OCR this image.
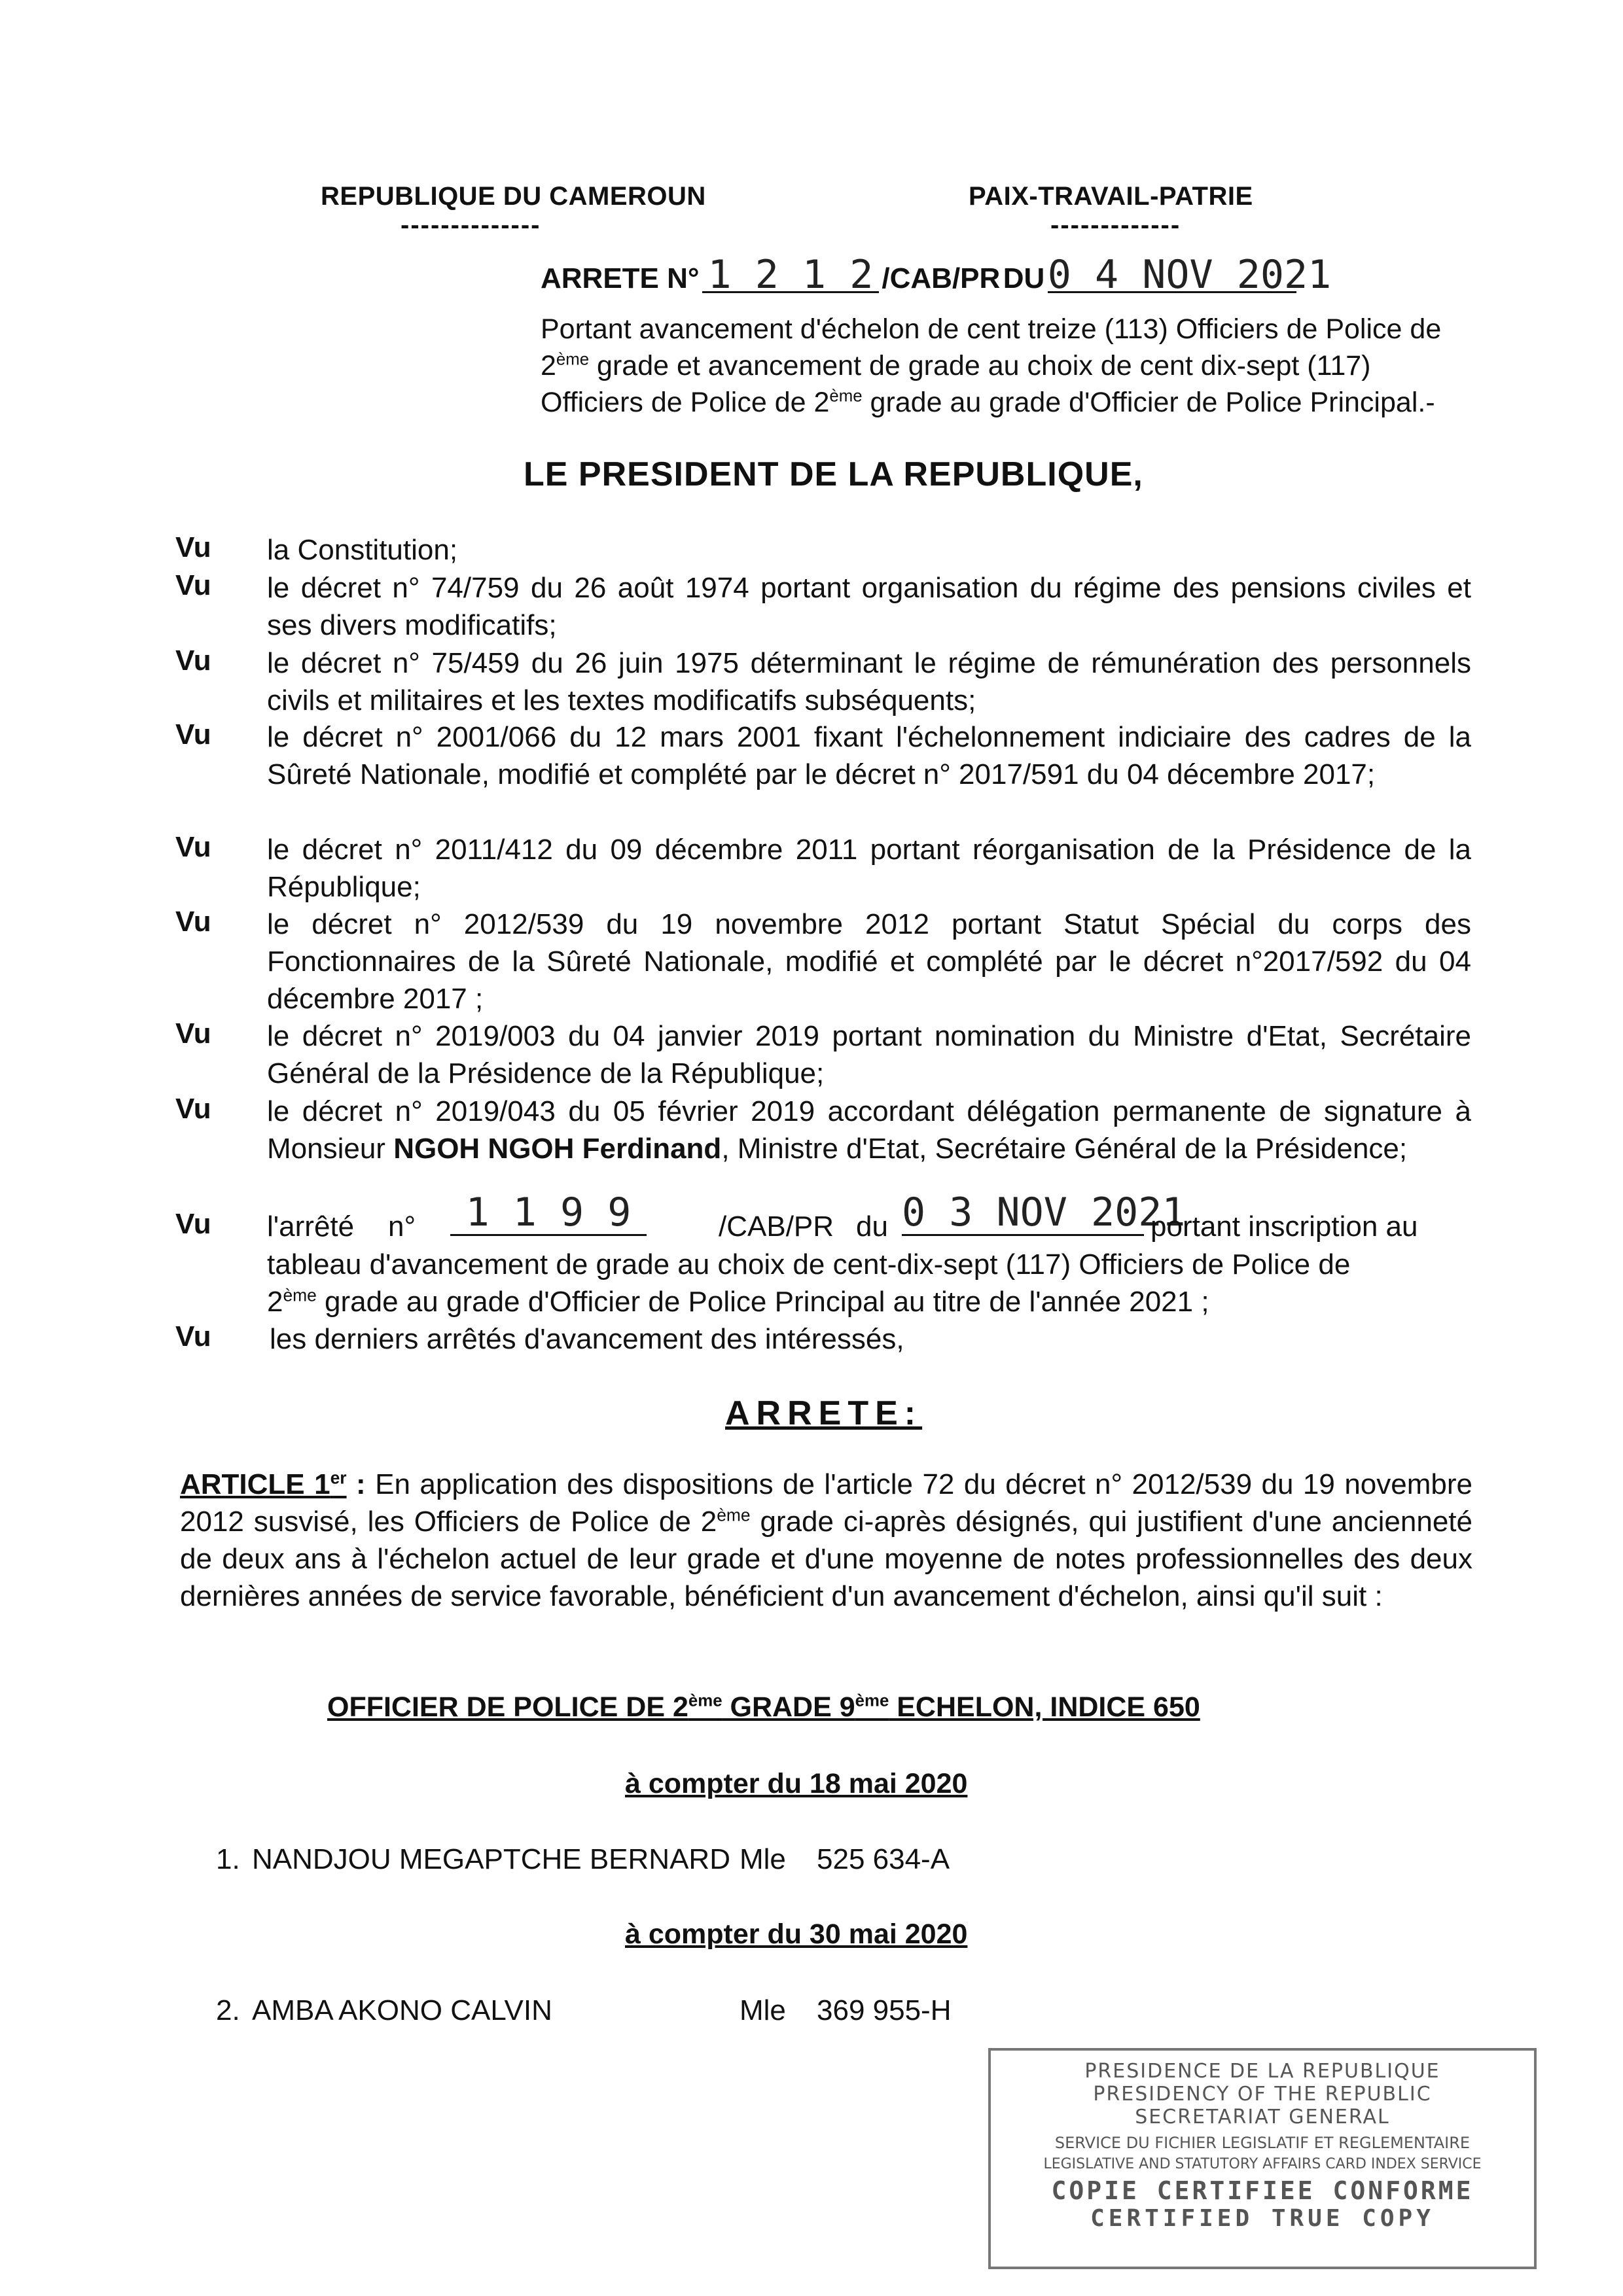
REPUBLIQUE DU CAMEROUN
--------------
PAIX-TRAVAIL-PATRIE
-------------
ARRETE N° 1 2 1 2 /CAB/PR DU 0 4 NOV 2021
Portant avancement d'échelon de cent treize (113) Officiers de Police de
2ème grade et avancement de grade au choix de cent dix-sept (117)
Officiers de Police de 2ème grade au grade d'Officier de Police Principal.-
LE PRESIDENT DE LA REPUBLIQUE,
Vu la Constitution;
Vu le décret n° 74/759 du 26 août 1974 portant organisation du régime des pensions civiles et ses divers modificatifs;
Vu le décret n° 75/459 du 26 juin 1975 déterminant le régime de rémunération des personnels civils et militaires et les textes modificatifs subséquents;
Vu le décret n° 2001/066 du 12 mars 2001 fixant l'échelonnement indiciaire des cadres de la Sûreté Nationale, modifié et complété par le décret n° 2017/591 du 04 décembre 2017;
Vu le décret n° 2011/412 du 09 décembre 2011 portant réorganisation de la Présidence de la République;
Vu le décret n° 2012/539 du 19 novembre 2012 portant Statut Spécial du corps des Fonctionnaires de la Sûreté Nationale, modifié et complété par le décret n°2017/592 du 04 décembre 2017 ;
Vu le décret n° 2019/003 du 04 janvier 2019 portant nomination du Ministre d'Etat, Secrétaire Général de la Présidence de la République;
Vu le décret n° 2019/043 du 05 février 2019 accordant délégation permanente de signature à Monsieur NGOH NGOH Ferdinand, Ministre d'Etat, Secrétaire Général de la Présidence;
Vu l'arrêté n°	1 1 9 9	/CAB/PR du 0 3 NOV 2021
portant inscription au
tableau d'avancement de grade au choix de cent-dix-sept (117) Officiers de Police de
2ème grade au grade d'Officier de Police Principal au titre de l'année 2021 ;
Vu les derniers arrêtés d'avancement des intéressés,
ARRETE:
ARTICLE 1er : En application des dispositions de l'article 72 du décret n° 2012/539 du 19 novembre 2012 susvisé, les Officiers de Police de 2ème grade ci-après désignés, qui justifient d'une ancienneté de deux ans à l'échelon actuel de leur grade et d'une moyenne de notes professionnelles des deux dernières années de service favorable, bénéficient d'un avancement d'échelon, ainsi qu'il suit :
OFFICIER DE POLICE DE 2ème GRADE 9ème ECHELON, INDICE 650
à compter du 18 mai 2020
1. NANDJOU MEGAPTCHE BERNARD Mle 525 634-A
à compter du 30 mai 2020
2. AMBA AKONO CALVIN	Mle 369 955-H
PRESIDENCE DE LA REPUBLIQUE
PRESIDENCY OF THE REPUBLIC
SECRETARIAT GENERAL
SERVICE DU FICHIER LEGISLATIF ET REGLEMENTAIRE
LEGISLATIVE AND STATUTORY AFFAIRS CARD INDEX SERVICE
COPIE CERTIFIEE CONFORME
CERTIFIED TRUE COPY
